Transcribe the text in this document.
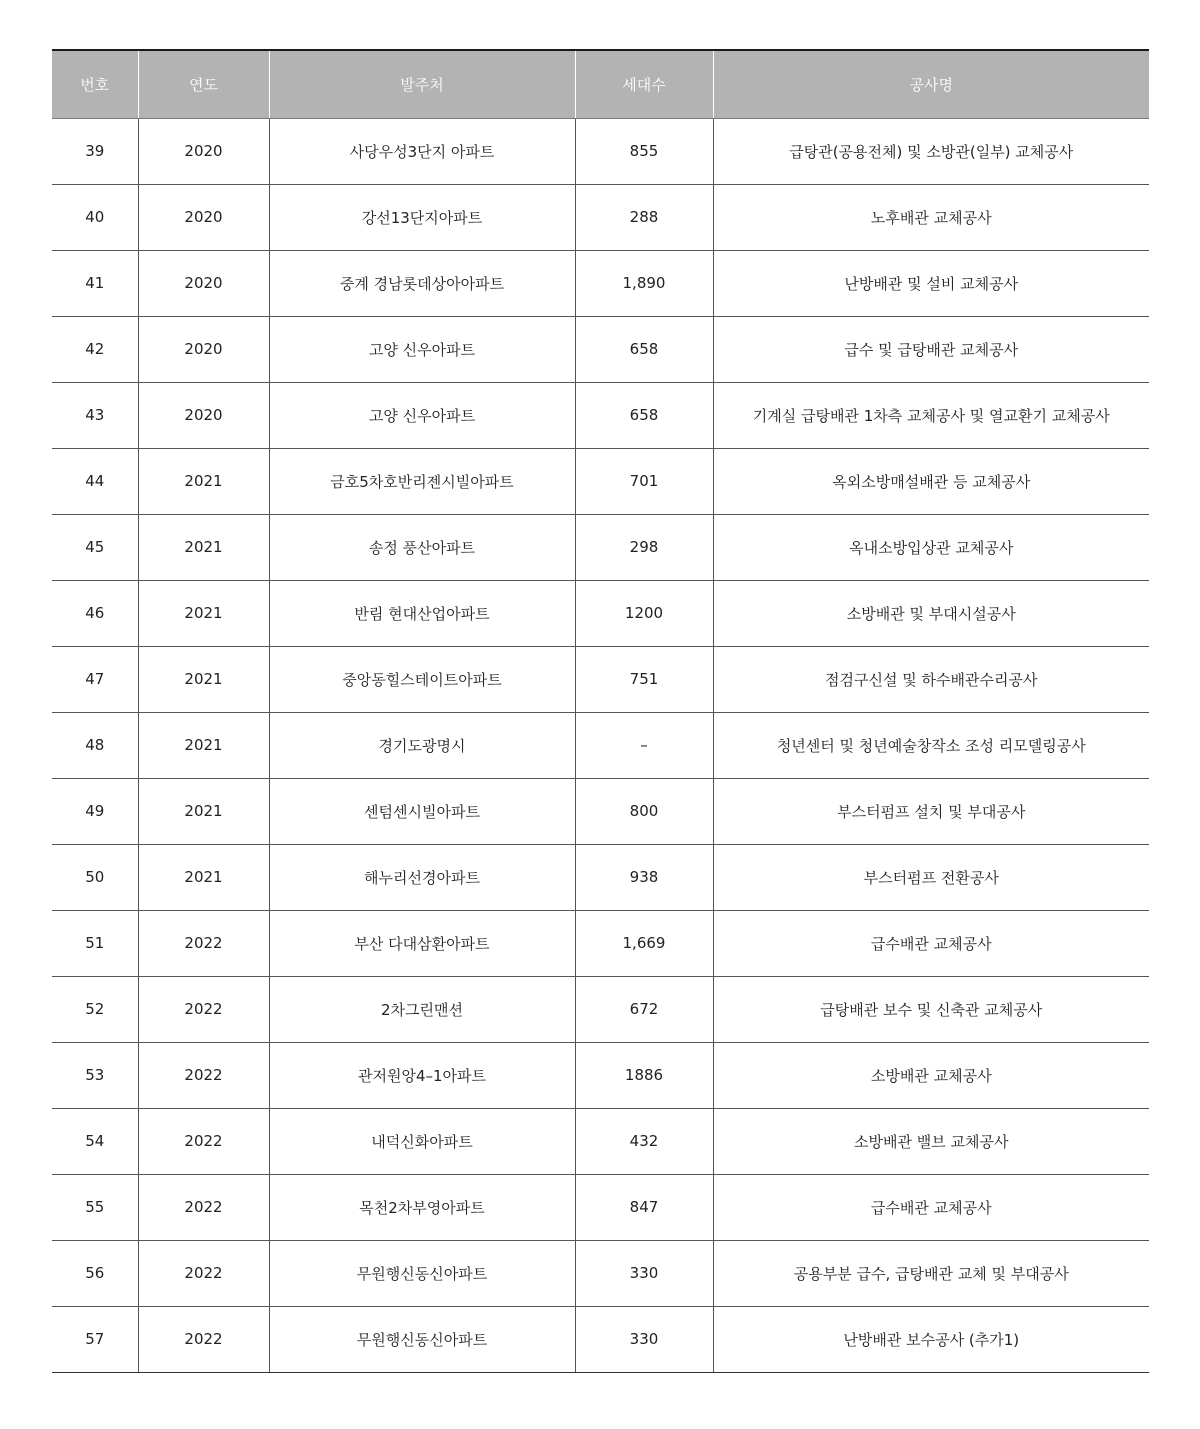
번호	연도	발주처	세대수	공사명
39	2020	사당우성3단지 아파트	855	급탕관(공용전체) 및 소방관(일부) 교체공사
40	2020	강선13단지아파트	288	노후배관 교체공사
41	2020	중계 경남롯데상아아파트	1,890	난방배관 및 설비 교체공사
42	2020	고양 신우아파트	658	급수 및 급탕배관 교체공사
43	2020	고양 신우아파트	658	기계실 급탕배관 1차측 교체공사 및 열교환기 교체공사
44	2021	금호5차호반리젠시빌아파트	701	옥외소방매설배관 등 교체공사
45	2021	송정 풍산아파트	298	옥내소방입상관 교체공사
46	2021	반림 현대산업아파트	1200	소방배관 및 부대시설공사
47	2021	중앙동힐스테이트아파트	751	점검구신설 및 하수배관수리공사
48	2021	경기도광명시	–	청년센터 및 청년예술창작소 조성 리모델링공사
49	2021	센텀센시빌아파트	800	부스터펌프 설치 및 부대공사
50	2021	해누리선경아파트	938	부스터펌프 전환공사
51	2022	부산 다대삼환아파트	1,669	급수배관 교체공사
52	2022	2차그린맨션	672	급탕배관 보수 및 신축관 교체공사
53	2022	관저원앙4–1아파트	1886	소방배관 교체공사
54	2022	내덕신화아파트	432	소방배관 밸브 교체공사
55	2022	목천2차부영아파트	847	급수배관 교체공사
56	2022	무원행신동신아파트	330	공용부분 급수, 급탕배관 교체 및 부대공사
57	2022	무원행신동신아파트	330	난방배관 보수공사 (추가1)
